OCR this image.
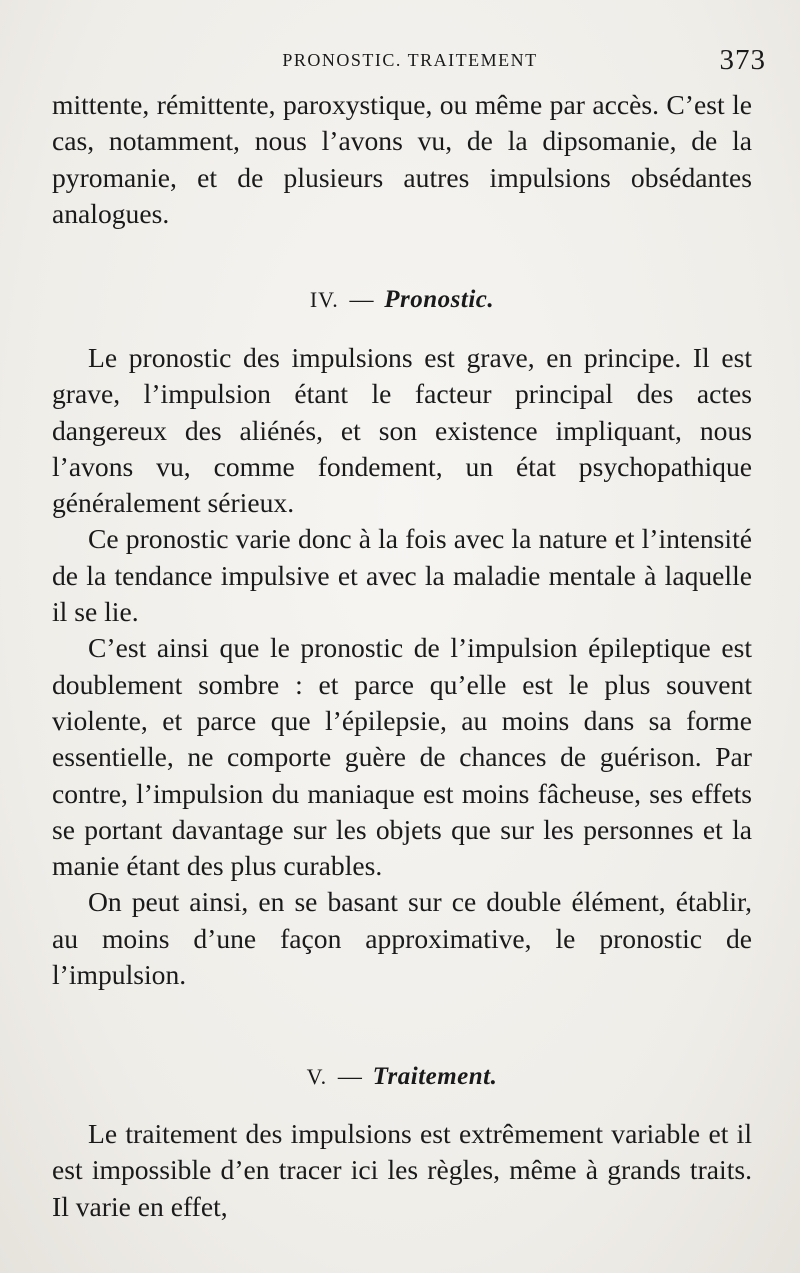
PRONOSTIC. TRAITEMENT	373

mittente, rémittente, paroxystique, ou même par accès. C’est le cas, notamment, nous l’avons vu, de la dipsomanie, de la pyromanie, et de plusieurs autres impulsions obsédantes analogues.

IV. — Pronostic.

Le pronostic des impulsions est grave, en principe. Il est grave, l’impulsion étant le facteur principal des actes dangereux des aliénés, et son existence impliquant, nous l’avons vu, comme fondement, un état psychopathique généralement sérieux.

Ce pronostic varie donc à la fois avec la nature et l’intensité de la tendance impulsive et avec la maladie mentale à laquelle il se lie.

C’est ainsi que le pronostic de l’impulsion épileptique est doublement sombre : et parce qu’elle est le plus souvent violente, et parce que l’épilepsie, au moins dans sa forme essentielle, ne comporte guère de chances de guérison. Par contre, l’impulsion du maniaque est moins fâcheuse, ses effets se portant davantage sur les objets que sur les personnes et la manie étant des plus curables.

On peut ainsi, en se basant sur ce double élément, établir, au moins d’une façon approximative, le pronostic de l’impulsion.

V. — Traitement.

Le traitement des impulsions est extrêmement variable et il est impossible d’en tracer ici les règles, même à grands traits. Il varie en effet,
